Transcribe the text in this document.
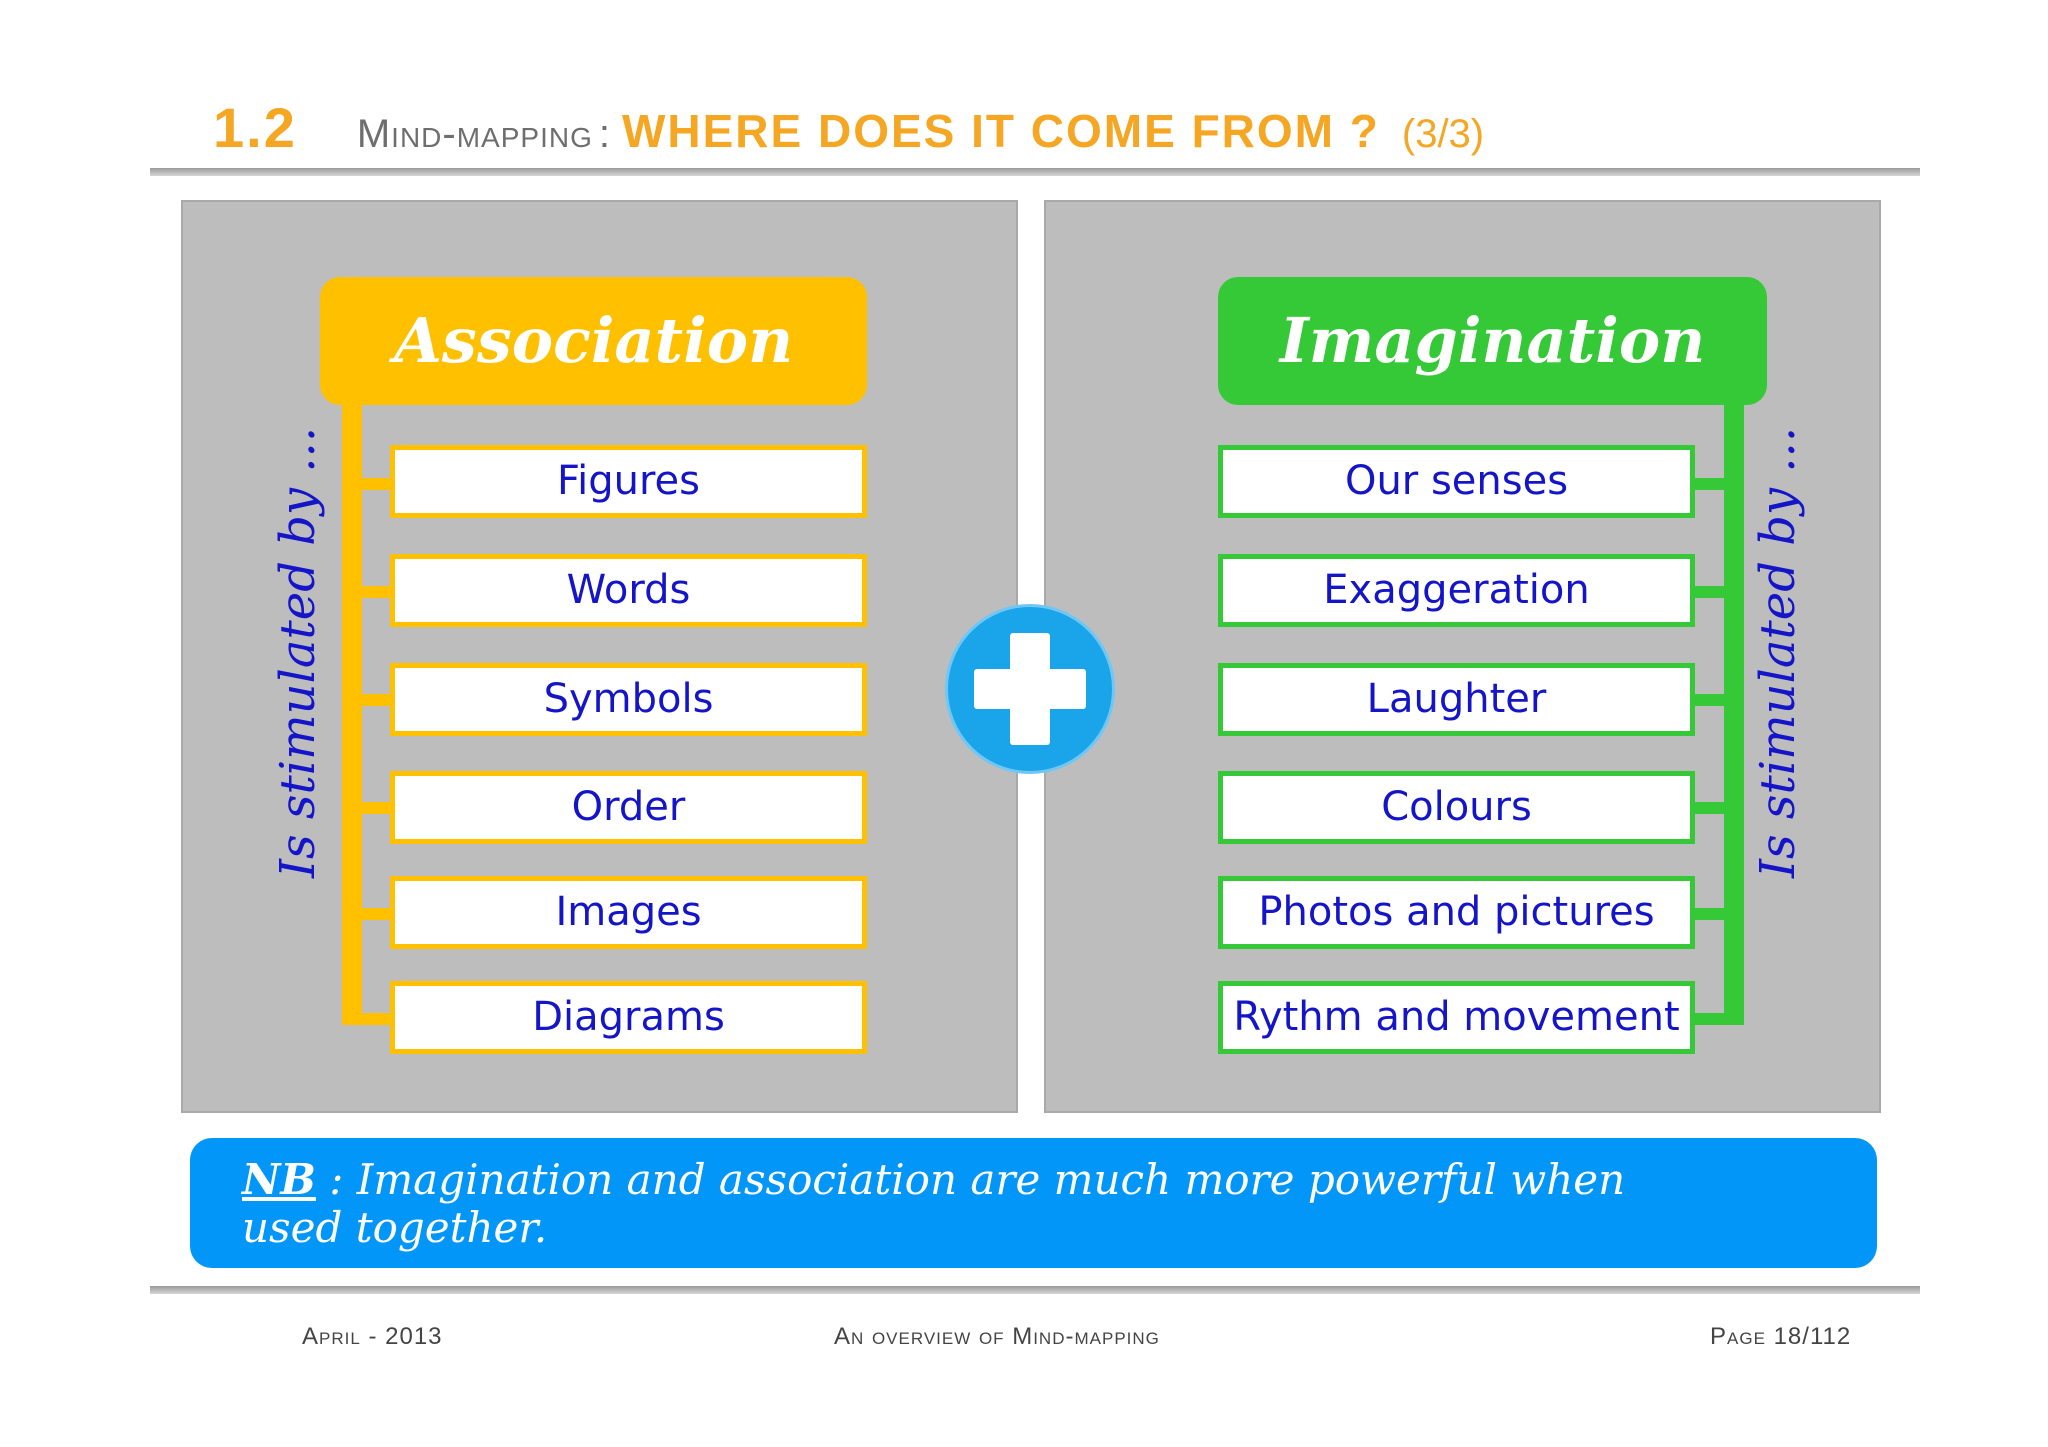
1.2 Mind-mapping : WHERE DOES IT COME FROM ? (3/3)
Association
Figures
Words
Symbols
Order
Images
Diagrams
Is stimulated by ...
Imagination
Our senses
Exaggeration
Laughter
Colours
Photos and pictures
Rythm and movement
Is stimulated by ...
NB : Imagination and association are much more powerful when used together.
April - 2013	An overview of Mind-mapping	Page 18/112
